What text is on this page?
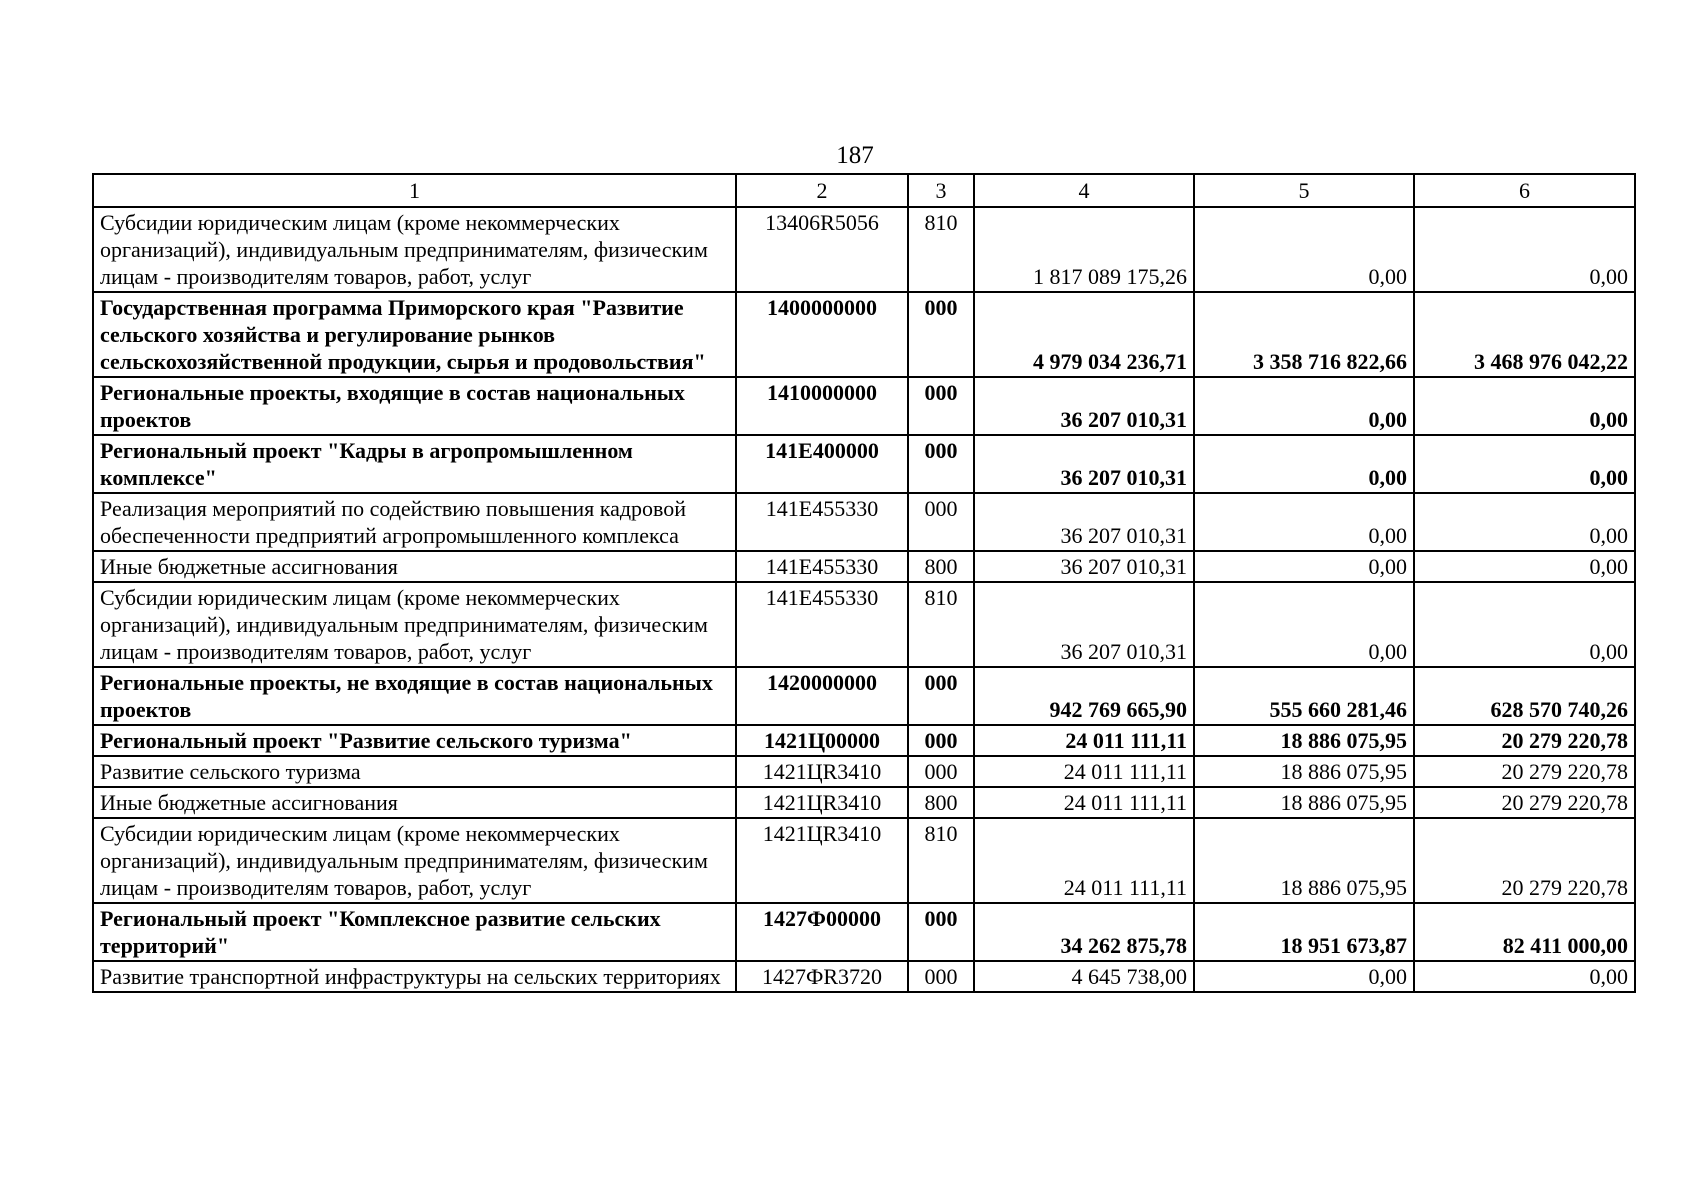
187
1	2	3	4	5	6
Субсидии юридическим лицам (кроме некоммерческих организаций), индивидуальным предпринимателям, физическим лицам - производителям товаров, работ, услуг	13406R5056	810	1 817 089 175,26	0,00	0,00
Государственная программа Приморского края "Развитие сельского хозяйства и регулирование рынков сельскохозяйственной продукции, сырья и продовольствия"	1400000000	000	4 979 034 236,71	3 358 716 822,66	3 468 976 042,22
Региональные проекты, входящие в состав национальных проектов	1410000000	000	36 207 010,31	0,00	0,00
Региональный проект "Кадры в агропромышленном комплексе"	141E400000	000	36 207 010,31	0,00	0,00
Реализация мероприятий по содействию повышения кадровой обеспеченности предприятий агропромышленного комплекса	141E455330	000	36 207 010,31	0,00	0,00
Иные бюджетные ассигнования	141E455330	800	36 207 010,31	0,00	0,00
Субсидии юридическим лицам (кроме некоммерческих организаций), индивидуальным предпринимателям, физическим лицам - производителям товаров, работ, услуг	141E455330	810	36 207 010,31	0,00	0,00
Региональные проекты, не входящие в состав национальных проектов	1420000000	000	942 769 665,90	555 660 281,46	628 570 740,26
Региональный проект "Развитие сельского туризма"	1421Ц00000	000	24 011 111,11	18 886 075,95	20 279 220,78
Развитие сельского туризма	1421ЦR3410	000	24 011 111,11	18 886 075,95	20 279 220,78
Иные бюджетные ассигнования	1421ЦR3410	800	24 011 111,11	18 886 075,95	20 279 220,78
Субсидии юридическим лицам (кроме некоммерческих организаций), индивидуальным предпринимателям, физическим лицам - производителям товаров, работ, услуг	1421ЦR3410	810	24 011 111,11	18 886 075,95	20 279 220,78
Региональный проект "Комплексное развитие сельских территорий"	1427Ф00000	000	34 262 875,78	18 951 673,87	82 411 000,00
Развитие транспортной инфраструктуры на сельских территориях	1427ФR3720	000	4 645 738,00	0,00	0,00
